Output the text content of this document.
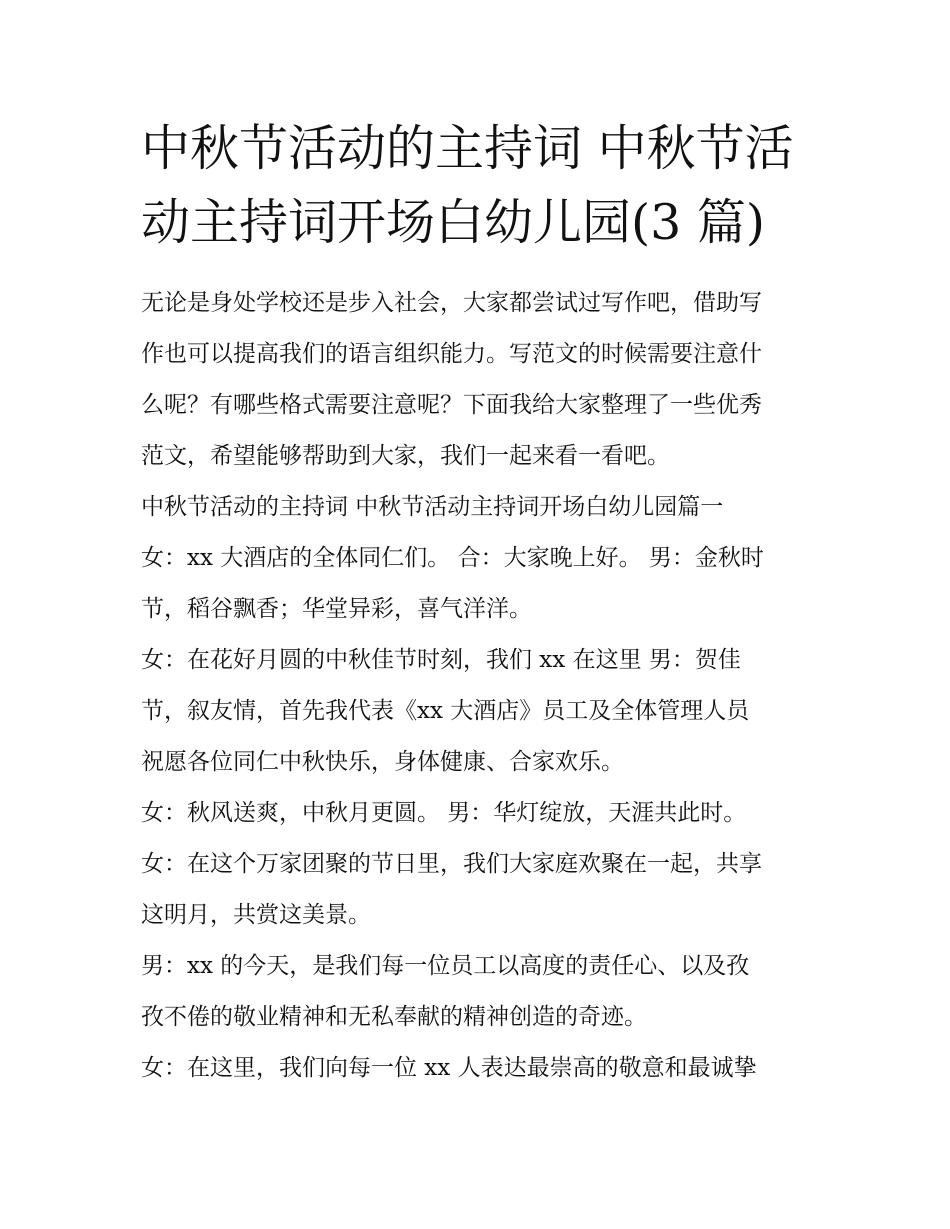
中秋节活动的主持词 中秋节活
动主持词开场白幼儿园(3 篇)
无论是身处学校还是步入社会，大家都尝试过写作吧，借助写
作也可以提高我们的语言组织能力。写范文的时候需要注意什
么呢？有哪些格式需要注意呢？下面我给大家整理了一些优秀
范文，希望能够帮助到大家，我们一起来看一看吧。
中秋节活动的主持词 中秋节活动主持词开场白幼儿园篇一
女：xx 大酒店的全体同仁们。 合：大家晚上好。 男：金秋时
节，稻谷飘香；华堂异彩，喜气洋洋。
女：在花好月圆的中秋佳节时刻，我们 xx 在这里 男：贺佳
节，叙友情，首先我代表《xx 大酒店》员工及全体管理人员
祝愿各位同仁中秋快乐，身体健康、合家欢乐。
女：秋风送爽，中秋月更圆。 男：华灯绽放，天涯共此时。
女：在这个万家团聚的节日里，我们大家庭欢聚在一起，共享
这明月，共赏这美景。
男：xx 的今天，是我们每一位员工以高度的责任心、以及孜
孜不倦的敬业精神和无私奉献的精神创造的奇迹。
女：在这里，我们向每一位 xx 人表达最崇高的敬意和最诚挚
